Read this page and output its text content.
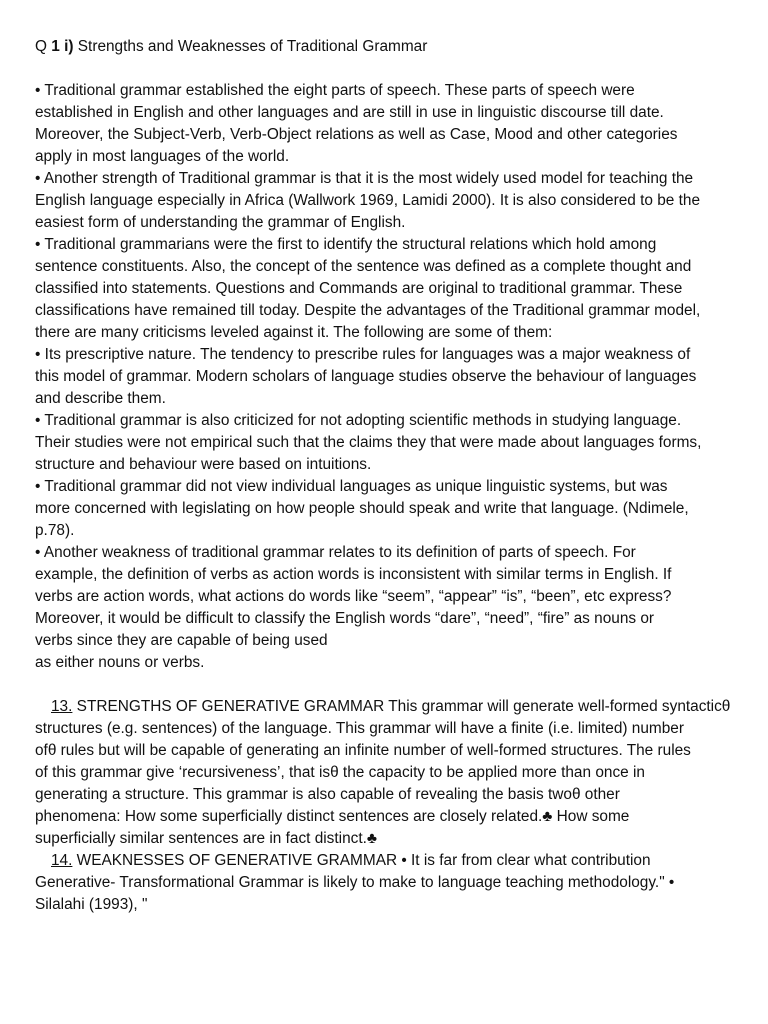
Q 1 i) Strengths and Weaknesses of Traditional Grammar
• Traditional grammar established the eight parts of speech. These parts of speech were
established in English and other languages and are still in use in linguistic discourse till date.
Moreover, the Subject-Verb, Verb-Object relations as well as Case, Mood and other categories
apply in most languages of the world.
• Another strength of Traditional grammar is that it is the most widely used model for teaching the
English language especially in Africa (Wallwork 1969, Lamidi 2000). It is also considered to be the
easiest form of understanding the grammar of English.
• Traditional grammarians were the first to identify the structural relations which hold among
sentence constituents. Also, the concept of the sentence was defined as a complete thought and
classified into statements. Questions and Commands are original to traditional grammar. These
classifications have remained till today. Despite the advantages of the Traditional grammar model,
there are many criticisms leveled against it. The following are some of them:
• Its prescriptive nature. The tendency to prescribe rules for languages was a major weakness of
this model of grammar. Modern scholars of language studies observe the behaviour of languages
and describe them.
• Traditional grammar is also criticized for not adopting scientific methods in studying language.
Their studies were not empirical such that the claims they that were made about languages forms,
structure and behaviour were based on intuitions.
• Traditional grammar did not view individual languages as unique linguistic systems, but was
more concerned with legislating on how people should speak and write that language. (Ndimele,
p.78).
• Another weakness of traditional grammar relates to its definition of parts of speech. For
example, the definition of verbs as action words is inconsistent with similar terms in English. If
verbs are action words, what actions do words like “seem”, “appear” “is”, “been”, etc express?
Moreover, it would be difficult to classify the English words “dare”, “need”, “fire” as nouns or
verbs since they are capable of being used
as either nouns or verbs.
13. STRENGTHS OF GENERATIVE GRAMMAR This grammar will generate well-formed syntacticθ
structures (e.g. sentences) of the language. This grammar will have a finite (i.e. limited) number
ofθ rules but will be capable of generating an infinite number of well-formed structures. The rules
of this grammar give ‘recursiveness’, that isθ the capacity to be applied more than once in
generating a structure. This grammar is also capable of revealing the basis twoθ other
phenomena: How some superficially distinct sentences are closely related.♣ How some
superficially similar sentences are in fact distinct.♣
14. WEAKNESSES OF GENERATIVE GRAMMAR • It is far from clear what contribution
Generative- Transformational Grammar is likely to make to language teaching methodology." •
Silalahi (1993), "
